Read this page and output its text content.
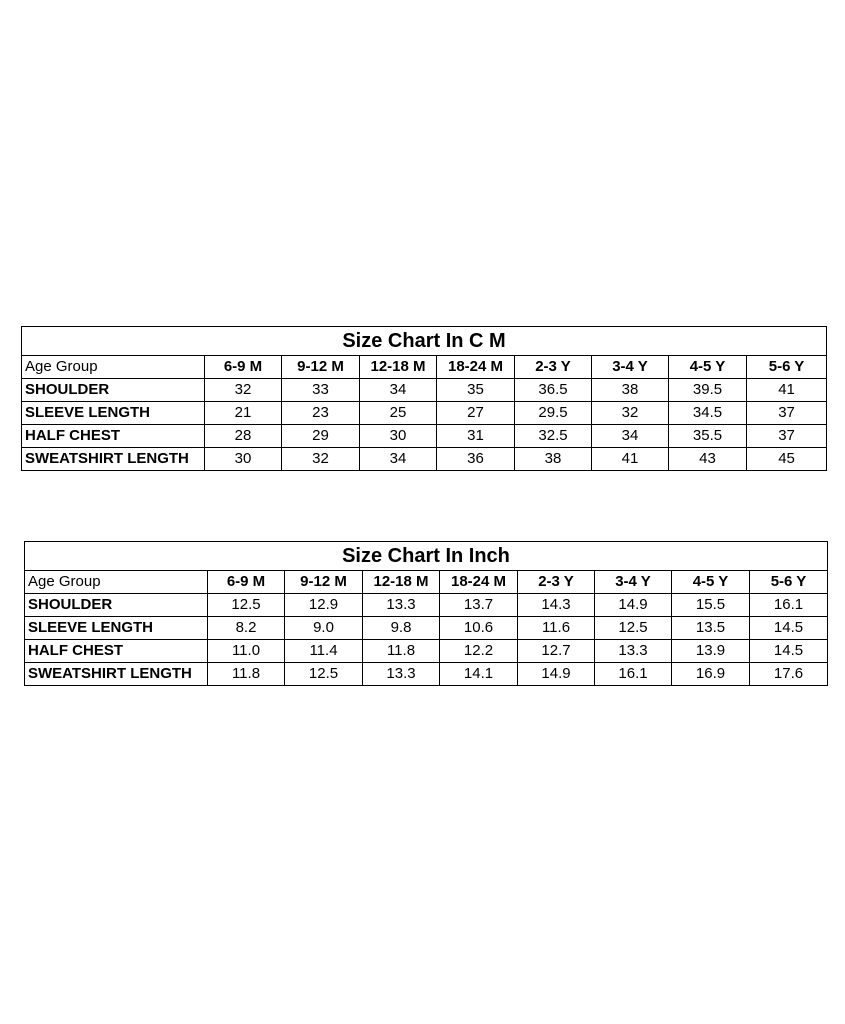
Size Chart In C M								
Age Group	6-9 M	9-12 M	12-18 M	18-24 M	2-3 Y	3-4 Y	4-5 Y	5-6 Y
SHOULDER	32	33	34	35	36.5	38	39.5	41
SLEEVE LENGTH	21	23	25	27	29.5	32	34.5	37
HALF CHEST	28	29	30	31	32.5	34	35.5	37
SWEATSHIRT LENGTH	30	32	34	36	38	41	43	45
Size Chart In Inch								
Age Group	6-9 M	9-12 M	12-18 M	18-24 M	2-3 Y	3-4 Y	4-5 Y	5-6 Y
SHOULDER	12.5	12.9	13.3	13.7	14.3	14.9	15.5	16.1
SLEEVE LENGTH	8.2	9.0	9.8	10.6	11.6	12.5	13.5	14.5
HALF CHEST	11.0	11.4	11.8	12.2	12.7	13.3	13.9	14.5
SWEATSHIRT LENGTH	11.8	12.5	13.3	14.1	14.9	16.1	16.9	17.6
